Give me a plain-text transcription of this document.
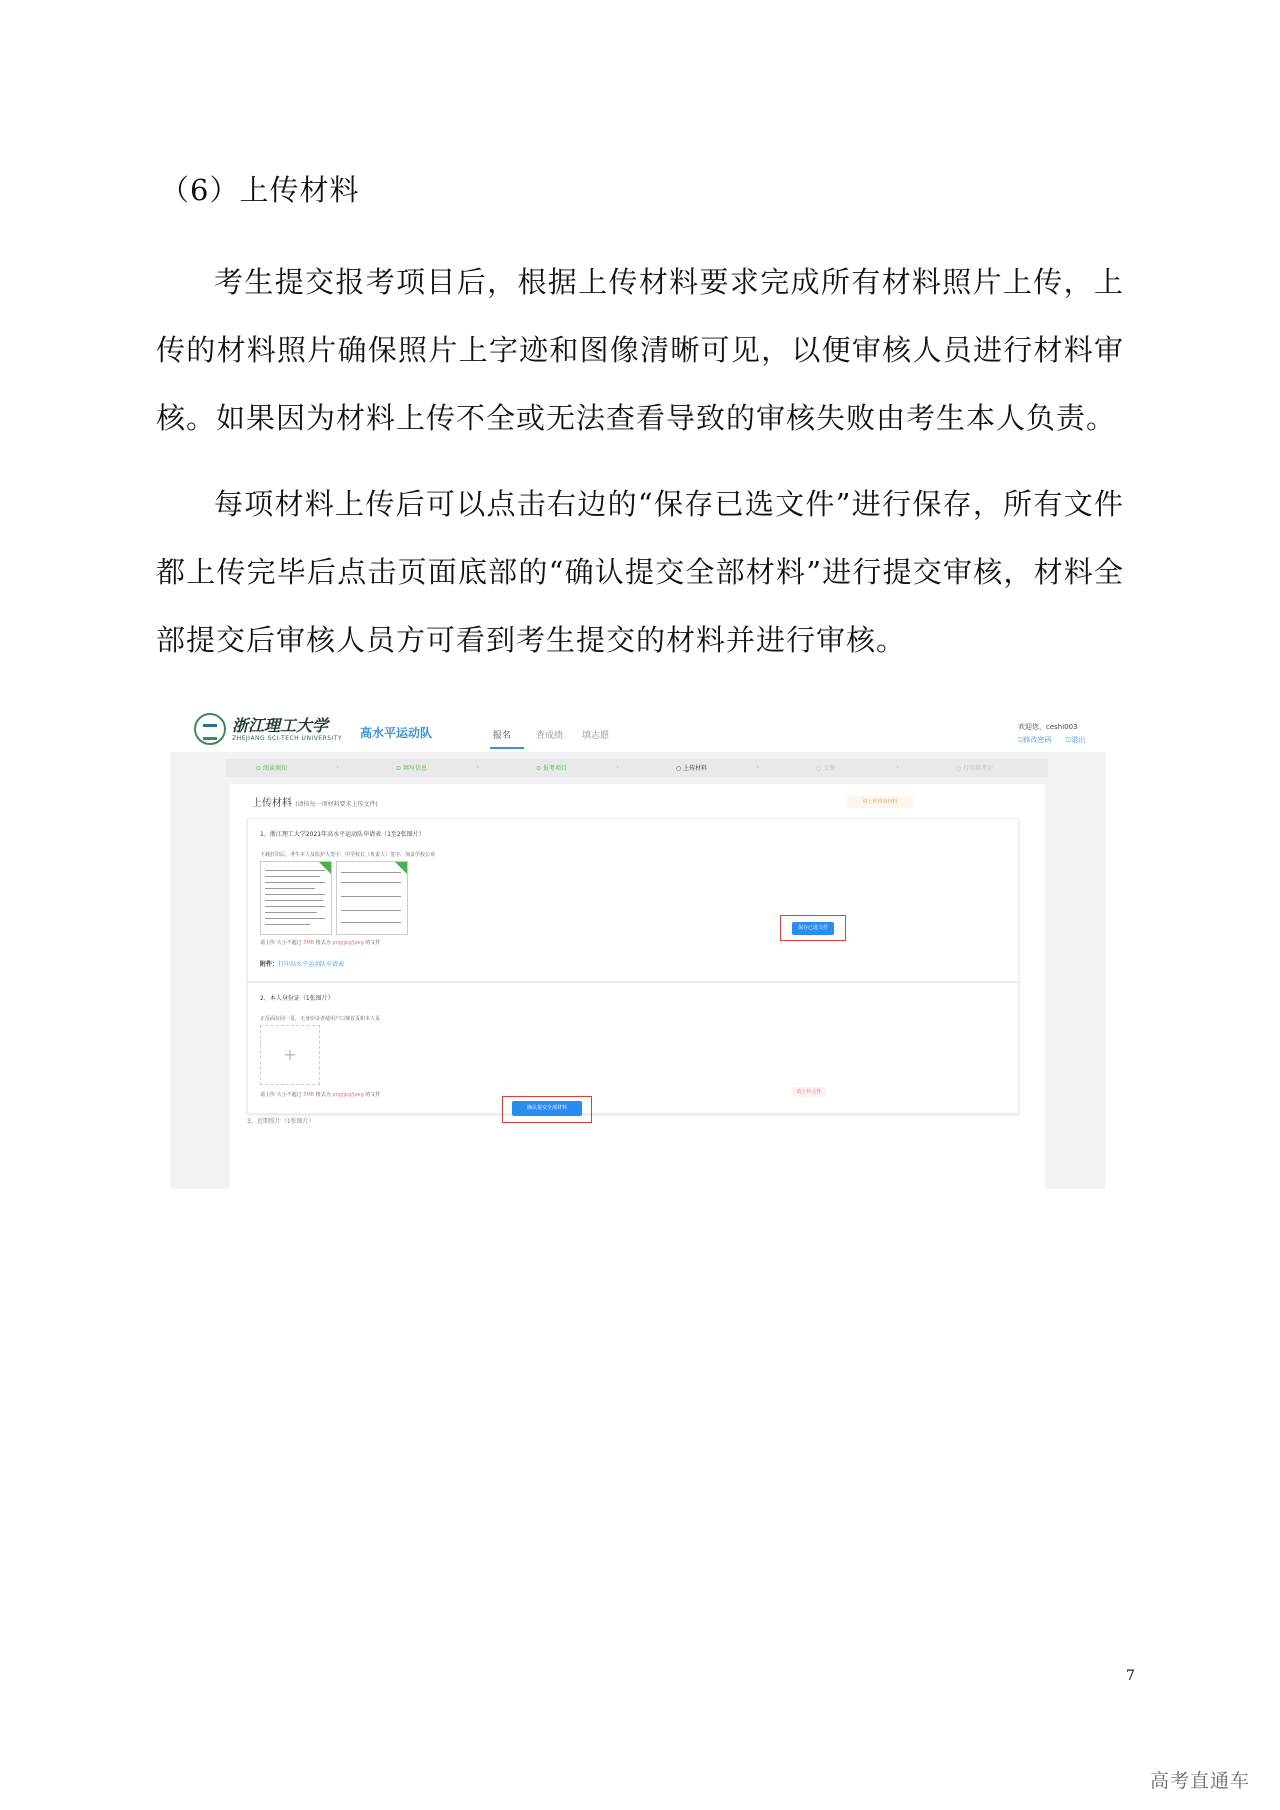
（6）上传材料

考生提交报考项目后，根据上传材料要求完成所有材料照片上传，上传的材料照片确保照片上字迹和图像清晰可见，以便审核人员进行材料审核。如果因为材料上传不全或无法查看导致的审核失败由考生本人负责。

每项材料上传后可以点击右边的“保存已选文件”进行保存，所有文件都上传完毕后点击页面底部的“确认提交全部材料”进行提交审核，材料全部提交后审核人员方可看到考生提交的材料并进行审核。

浙江理工大学
ZHEJIANG SCI-TECH UNIVERSITY 高水平运动队	报名	查成绩 填志愿
欢迎您，ceshi003
⎋修改密码 ⎋退出
⊙ 阅读须知	›	⊙ 填写信息	›	⊙ 报考项目	›	○ 上传材料	›	○ 交费	›	○ 打印准考证
上传材料 (请按每一项材料要求上传文件)	请上传待审材料
1、浙江理工大学2021年高水平运动队申请表（1至2张图片）
下载打印后，考生本人及监护人签字、中学校长（负责人）签字、加盖学校公章
请上传 大小不超过 5MB 格式为 png/jpg/jpeg 的文件
附件：打印高水平运动队申请表
保存已选文件
2、本人身份证（1张图片）
正反面在同一页，无身份证者使用户口簿首页和本人页
+
请上传 大小不超过 5MB 格式为 png/jpg/jpeg 的文件	请上传文件
确认提交全部材料
3、近期照片（1张图片）
7
高考直通车
